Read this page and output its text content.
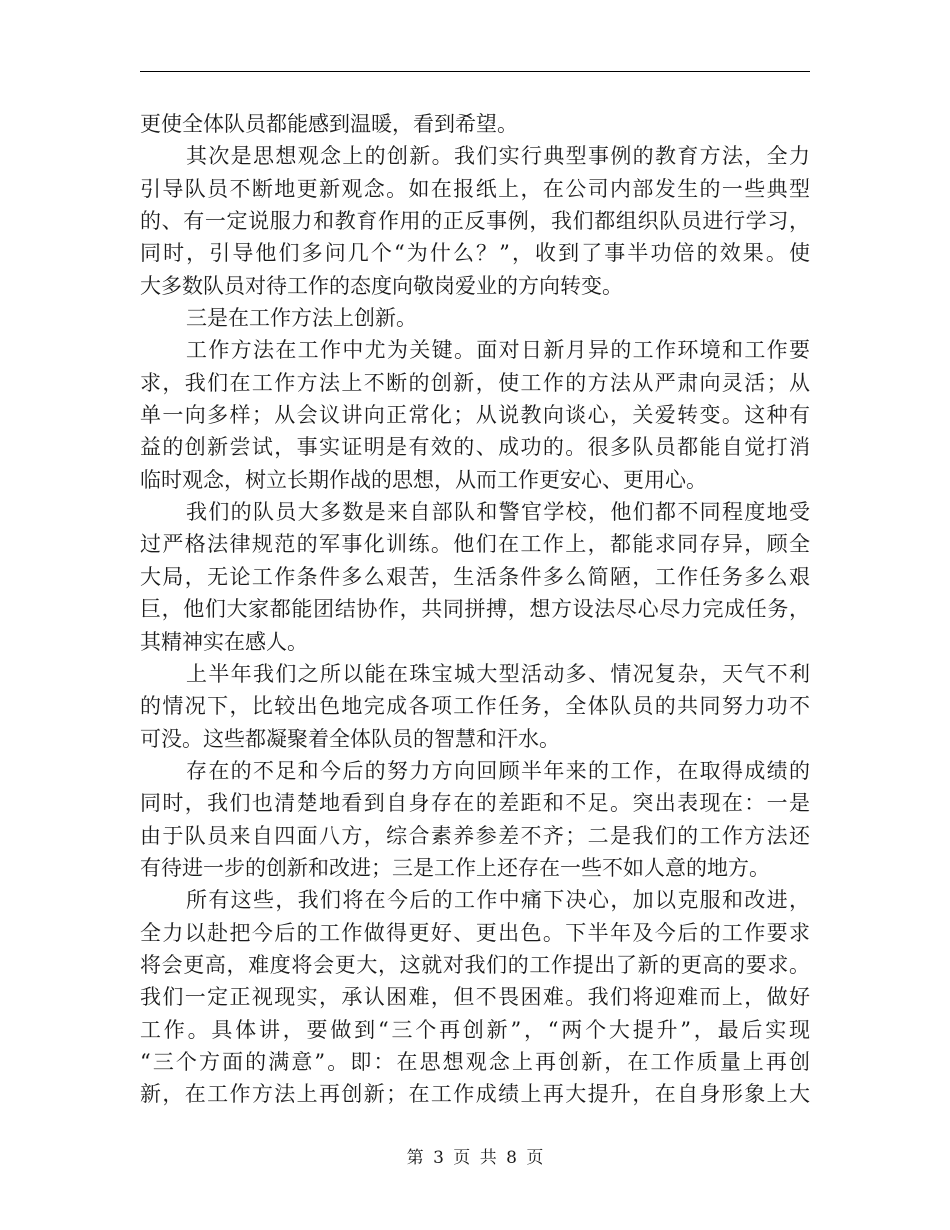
更使全体队员都能感到温暖，看到希望。
其次是思想观念上的创新。我们实行典型事例的教育方法，全力
引导队员不断地更新观念。如在报纸上，在公司内部发生的一些典型
的、有一定说服力和教育作用的正反事例，我们都组织队员进行学习，
同时，引导他们多问几个“为什么？”，收到了事半功倍的效果。使
大多数队员对待工作的态度向敬岗爱业的方向转变。
三是在工作方法上创新。
工作方法在工作中尤为关键。面对日新月异的工作环境和工作要
求，我们在工作方法上不断的创新，使工作的方法从严肃向灵活；从
单一向多样；从会议讲向正常化；从说教向谈心，关爱转变。这种有
益的创新尝试，事实证明是有效的、成功的。很多队员都能自觉打消
临时观念，树立长期作战的思想，从而工作更安心、更用心。
我们的队员大多数是来自部队和警官学校，他们都不同程度地受
过严格法律规范的军事化训练。他们在工作上，都能求同存异，顾全
大局，无论工作条件多么艰苦，生活条件多么简陋，工作任务多么艰
巨，他们大家都能团结协作，共同拼搏，想方设法尽心尽力完成任务，
其精神实在感人。
上半年我们之所以能在珠宝城大型活动多、情况复杂，天气不利
的情况下，比较出色地完成各项工作任务，全体队员的共同努力功不
可没。这些都凝聚着全体队员的智慧和汗水。
存在的不足和今后的努力方向回顾半年来的工作，在取得成绩的
同时，我们也清楚地看到自身存在的差距和不足。突出表现在：一是
由于队员来自四面八方，综合素养参差不齐；二是我们的工作方法还
有待进一步的创新和改进；三是工作上还存在一些不如人意的地方。
所有这些，我们将在今后的工作中痛下决心，加以克服和改进，
全力以赴把今后的工作做得更好、更出色。下半年及今后的工作要求
将会更高，难度将会更大，这就对我们的工作提出了新的更高的要求。
我们一定正视现实，承认困难，但不畏困难。我们将迎难而上，做好
工作。具体讲，要做到“三个再创新”，“两个大提升”，最后实现
“三个方面的满意”。即：在思想观念上再创新，在工作质量上再创
新，在工作方法上再创新；在工作成绩上再大提升，在自身形象上大
第 3 页 共 8 页
